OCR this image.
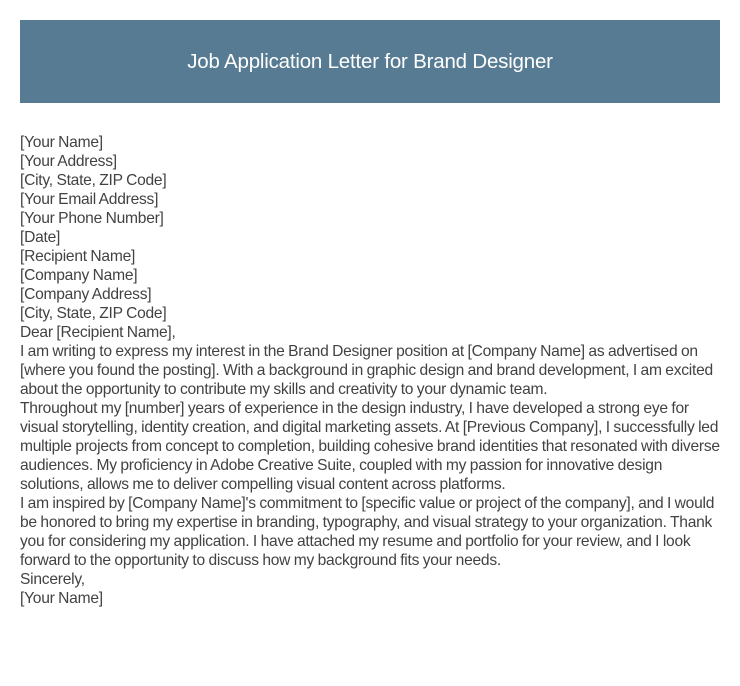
Job Application Letter for Brand Designer

[Your Name]

[Your Address]

[City, State, ZIP Code]

[Your Email Address]

[Your Phone Number]

[Date]

[Recipient Name]

[Company Name]

[Company Address]

[City, State, ZIP Code]

Dear [Recipient Name],

I am writing to express my interest in the Brand Designer position at [Company Name] as advertised on [where you found the posting]. With a background in graphic design and brand development, I am excited about the opportunity to contribute my skills and creativity to your dynamic team.

Throughout my [number] years of experience in the design industry, I have developed a strong eye for visual storytelling, identity creation, and digital marketing assets. At [Previous Company], I successfully led multiple projects from concept to completion, building cohesive brand identities that resonated with diverse audiences. My proficiency in Adobe Creative Suite, coupled with my passion for innovative design solutions, allows me to deliver compelling visual content across platforms.

I am inspired by [Company Name]'s commitment to [specific value or project of the company], and I would be honored to bring my expertise in branding, typography, and visual strategy to your organization. Thank you for considering my application. I have attached my resume and portfolio for your review, and I look forward to the opportunity to discuss how my background fits your needs.

Sincerely,

[Your Name]
